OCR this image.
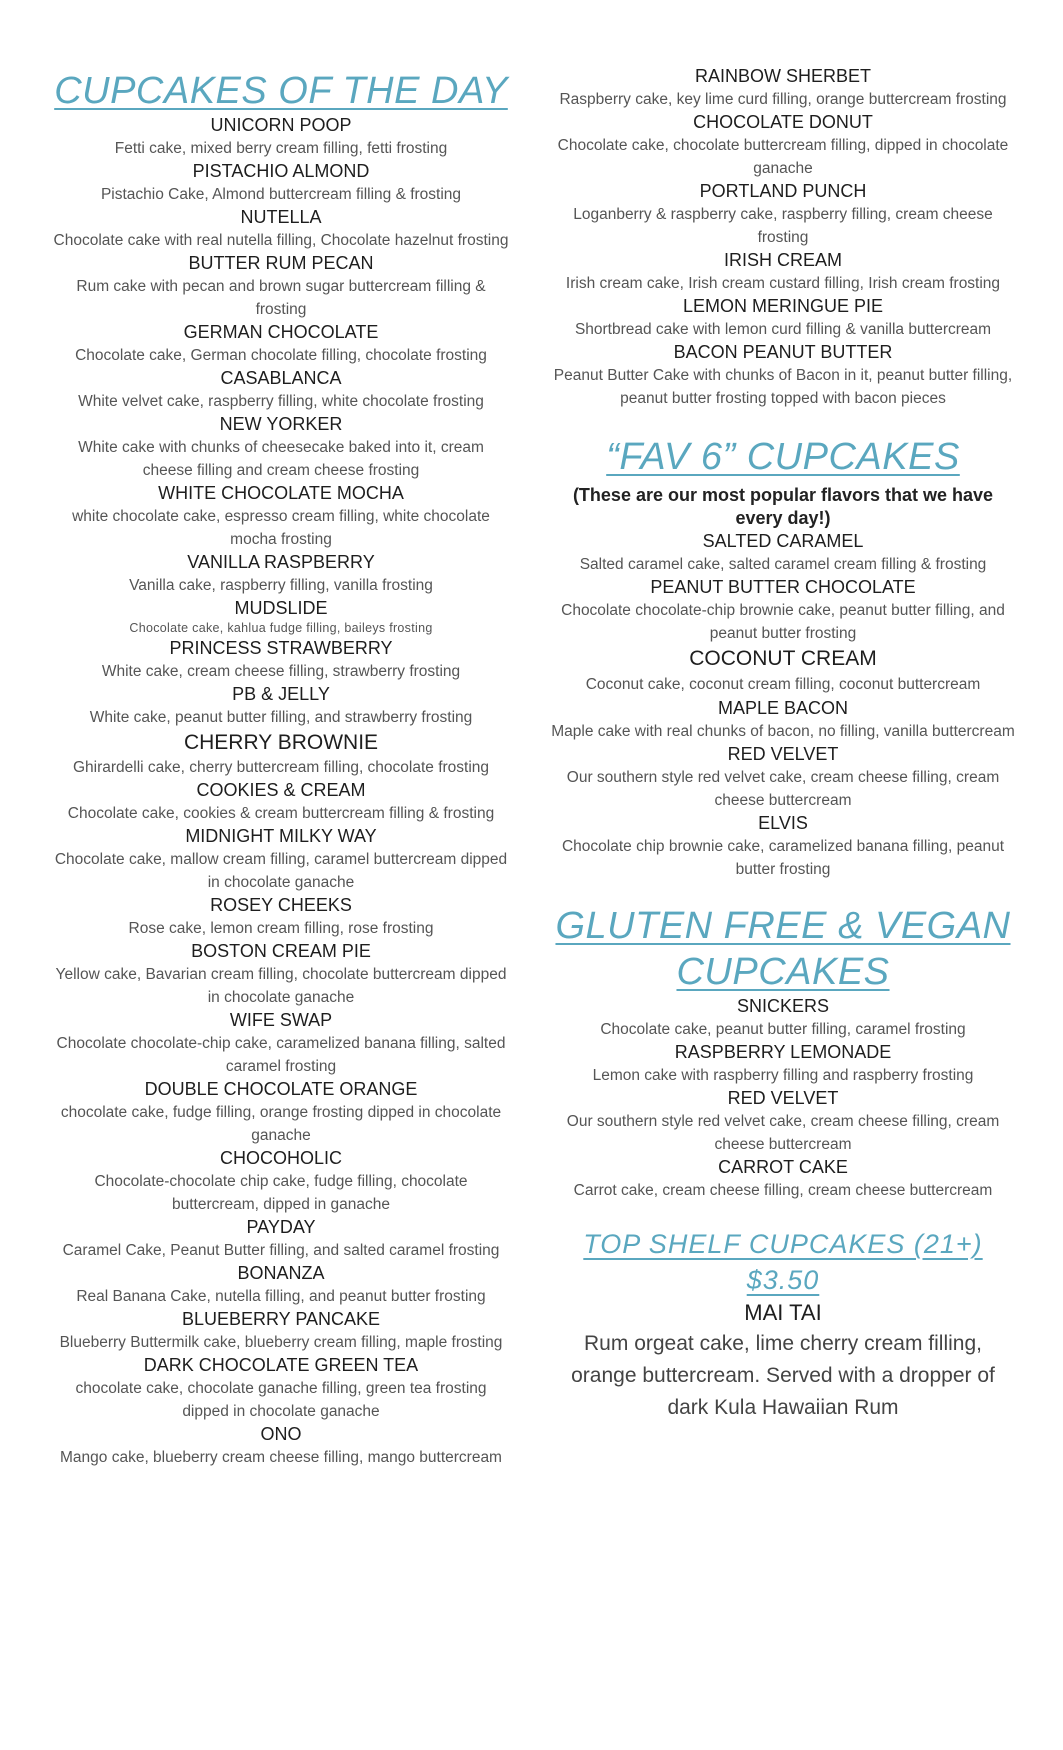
CUPCAKES OF THE DAY
UNICORN POOP
Fetti cake, mixed berry cream filling, fetti frosting
PISTACHIO ALMOND
Pistachio Cake, Almond buttercream filling & frosting
NUTELLA
Chocolate cake with real nutella filling, Chocolate hazelnut frosting
BUTTER RUM PECAN
Rum cake with pecan and brown sugar buttercream filling & frosting
GERMAN CHOCOLATE
Chocolate cake, German chocolate filling, chocolate frosting
CASABLANCA
White velvet cake, raspberry filling, white chocolate frosting
NEW YORKER
White cake with chunks of cheesecake baked into it, cream cheese filling and cream cheese frosting
WHITE CHOCOLATE MOCHA
white chocolate cake, espresso cream filling, white chocolate mocha frosting
VANILLA RASPBERRY
Vanilla cake, raspberry filling, vanilla frosting
MUDSLIDE
Chocolate cake, kahlua fudge filling, baileys frosting
PRINCESS STRAWBERRY
White cake, cream cheese filling, strawberry frosting
PB & JELLY
White cake, peanut butter filling, and strawberry frosting
CHERRY BROWNIE
Ghirardelli cake, cherry buttercream filling, chocolate frosting
COOKIES & CREAM
Chocolate cake, cookies & cream buttercream filling & frosting
MIDNIGHT MILKY WAY
Chocolate cake, mallow cream filling, caramel buttercream dipped in chocolate ganache
ROSEY CHEEKS
Rose cake, lemon cream filling, rose frosting
BOSTON CREAM PIE
Yellow cake, Bavarian cream filling, chocolate buttercream dipped in chocolate ganache
WIFE SWAP
Chocolate chocolate-chip cake, caramelized banana filling, salted caramel frosting
DOUBLE CHOCOLATE ORANGE
chocolate cake, fudge filling, orange frosting dipped in chocolate ganache
CHOCOHOLIC
Chocolate-chocolate chip cake, fudge filling, chocolate buttercream, dipped in ganache
PAYDAY
Caramel Cake, Peanut Butter filling, and salted caramel frosting
BONANZA
Real Banana Cake, nutella filling, and peanut butter frosting
BLUEBERRY PANCAKE
Blueberry Buttermilk cake, blueberry cream filling, maple frosting
DARK CHOCOLATE GREEN TEA
chocolate cake, chocolate ganache filling, green tea frosting dipped in chocolate ganache
ONO
Mango cake, blueberry cream cheese filling, mango buttercream
RAINBOW SHERBET
Raspberry cake, key lime curd filling, orange buttercream frosting
CHOCOLATE DONUT
Chocolate cake, chocolate buttercream filling, dipped in chocolate ganache
PORTLAND PUNCH
Loganberry & raspberry cake, raspberry filling, cream cheese frosting
IRISH CREAM
Irish cream cake, Irish cream custard filling, Irish cream frosting
LEMON MERINGUE PIE
Shortbread cake with lemon curd filling & vanilla buttercream
BACON PEANUT BUTTER
Peanut Butter Cake with chunks of Bacon in it, peanut butter filling, peanut butter frosting topped with bacon pieces
“FAV 6” CUPCAKES
(These are our most popular flavors that we have every day!)
SALTED CARAMEL
Salted caramel cake, salted caramel cream filling & frosting
PEANUT BUTTER CHOCOLATE
Chocolate chocolate-chip brownie cake, peanut butter filling, and peanut butter frosting
COCONUT CREAM
Coconut cake, coconut cream filling, coconut buttercream
MAPLE BACON
Maple cake with real chunks of bacon, no filling, vanilla buttercream
RED VELVET
Our southern style red velvet cake, cream cheese filling, cream cheese buttercream
ELVIS
Chocolate chip brownie cake, caramelized banana filling, peanut butter frosting
GLUTEN FREE & VEGAN
CUPCAKES
SNICKERS
Chocolate cake, peanut butter filling, caramel frosting
RASPBERRY LEMONADE
Lemon cake with raspberry filling and raspberry frosting
RED VELVET
Our southern style red velvet cake, cream cheese filling, cream cheese buttercream
CARROT CAKE
Carrot cake, cream cheese filling, cream cheese buttercream
TOP SHELF CUPCAKES (21+)
$3.50
MAI TAI
Rum orgeat cake, lime cherry cream filling, orange buttercream. Served with a dropper of dark Kula Hawaiian Rum
